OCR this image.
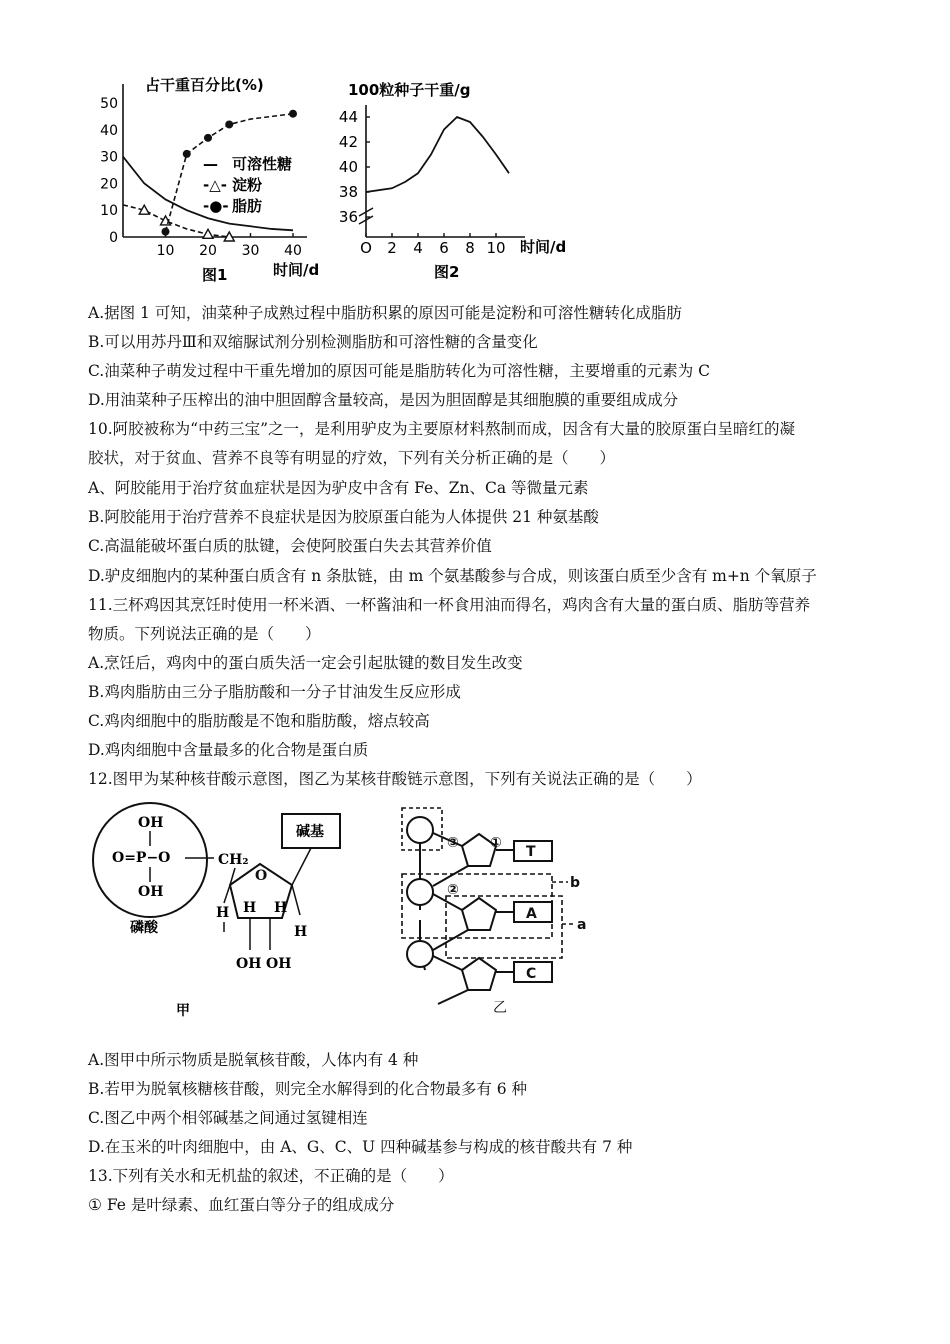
占干重百分比(%)
50
40
30
20
10
0
10 20 30 40
— 可溶性糖
-△- 淀粉
-●- 脂肪
时间/d
图1
100粒种子干重/g
44
42
40
38
36
O 2 4 6 8 10 时间/d
图2
A.据图 1 可知，油菜种子成熟过程中脂肪积累的原因可能是淀粉和可溶性糖转化成脂肪
B.可以用苏丹Ⅲ和双缩脲试剂分别检测脂肪和可溶性糖的含量变化
C.油菜种子萌发过程中干重先增加的原因可能是脂肪转化为可溶性糖，主要增重的元素为 C
D.用油菜种子压榨出的油中胆固醇含量较高，是因为胆固醇是其细胞膜的重要组成成分
10.阿胶被称为“中药三宝”之一，是利用驴皮为主要原材料熬制而成，因含有大量的胶原蛋白呈暗红的凝
胶状，对于贫血、营养不良等有明显的疗效，下列有关分析正确的是（　　）
A、阿胶能用于治疗贫血症状是因为驴皮中含有 Fe、Zn、Ca 等微量元素
B.阿胶能用于治疗营养不良症状是因为胶原蛋白能为人体提供 21 种氨基酸
C.高温能破坏蛋白质的肽键，会使阿胶蛋白失去其营养价值
D.驴皮细胞内的某种蛋白质含有 n 条肽链，由 m 个氨基酸参与合成，则该蛋白质至少含有 m+n 个氧原子
11.三杯鸡因其烹饪时使用一杯米酒、一杯酱油和一杯食用油而得名，鸡肉含有大量的蛋白质、脂肪等营养
物质。下列说法正确的是（　　）
A.烹饪后，鸡肉中的蛋白质失活一定会引起肽键的数目发生改变
B.鸡肉脂肪由三分子脂肪酸和一分子甘油发生反应形成
C.鸡肉细胞中的脂肪酸是不饱和脂肪酸，熔点较高
D.鸡肉细胞中含量最多的化合物是蛋白质
12.图甲为某种核苷酸示意图，图乙为某核苷酸链示意图，下列有关说法正确的是（　　）
OH
O=P−O
OH
磷酸
CH₂
O
碱基
H H H
H
OH OH
甲
T
③ ①
②
A
C
b
a
乙
A.图甲中所示物质是脱氧核苷酸，人体内有 4 种
B.若甲为脱氧核糖核苷酸，则完全水解得到的化合物最多有 6 种
C.图乙中两个相邻碱基之间通过氢键相连
D.在玉米的叶肉细胞中，由 A、G、C、U 四种碱基参与构成的核苷酸共有 7 种
13.下列有关水和无机盐的叙述，不正确的是（　　）
① Fe 是叶绿素、血红蛋白等分子的组成成分
